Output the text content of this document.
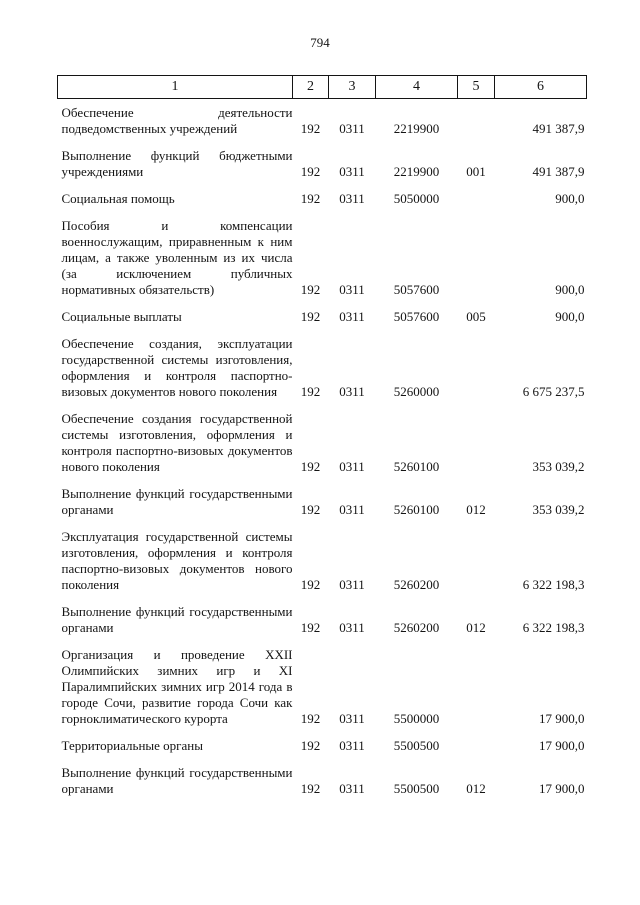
794
1	2	3	4	5	6
Обеспечение деятельности подведомственных учреждений	192	0311	2219900		491 387,9
Выполнение функций бюджетными учреждениями	192	0311	2219900	001	491 387,9
Социальная помощь	192	0311	5050000		900,0
Пособия и компенсации военнослужащим, приравненным к ним лицам, а также уволенным из их числа (за исключением публичных нормативных обязательств)	192	0311	5057600		900,0
Социальные выплаты	192	0311	5057600	005	900,0
Обеспечение создания, эксплуатации государственной системы изготовления, оформления и контроля паспортно-визовых документов нового поколения	192	0311	5260000		6 675 237,5
Обеспечение создания государственной системы изготовления, оформления и контроля паспортно-визовых документов нового поколения	192	0311	5260100		353 039,2
Выполнение функций государственными органами	192	0311	5260100	012	353 039,2
Эксплуатация государственной системы изготовления, оформления и контроля паспортно-визовых документов нового поколения	192	0311	5260200		6 322 198,3
Выполнение функций государственными органами	192	0311	5260200	012	6 322 198,3
Организация и проведение XXII Олимпийских зимних игр и XI Паралимпийских зимних игр 2014 года в городе Сочи, развитие города Сочи как горноклиматического курорта	192	0311	5500000		17 900,0
Территориальные органы	192	0311	5500500		17 900,0
Выполнение функций государственными органами	192	0311	5500500	012	17 900,0
